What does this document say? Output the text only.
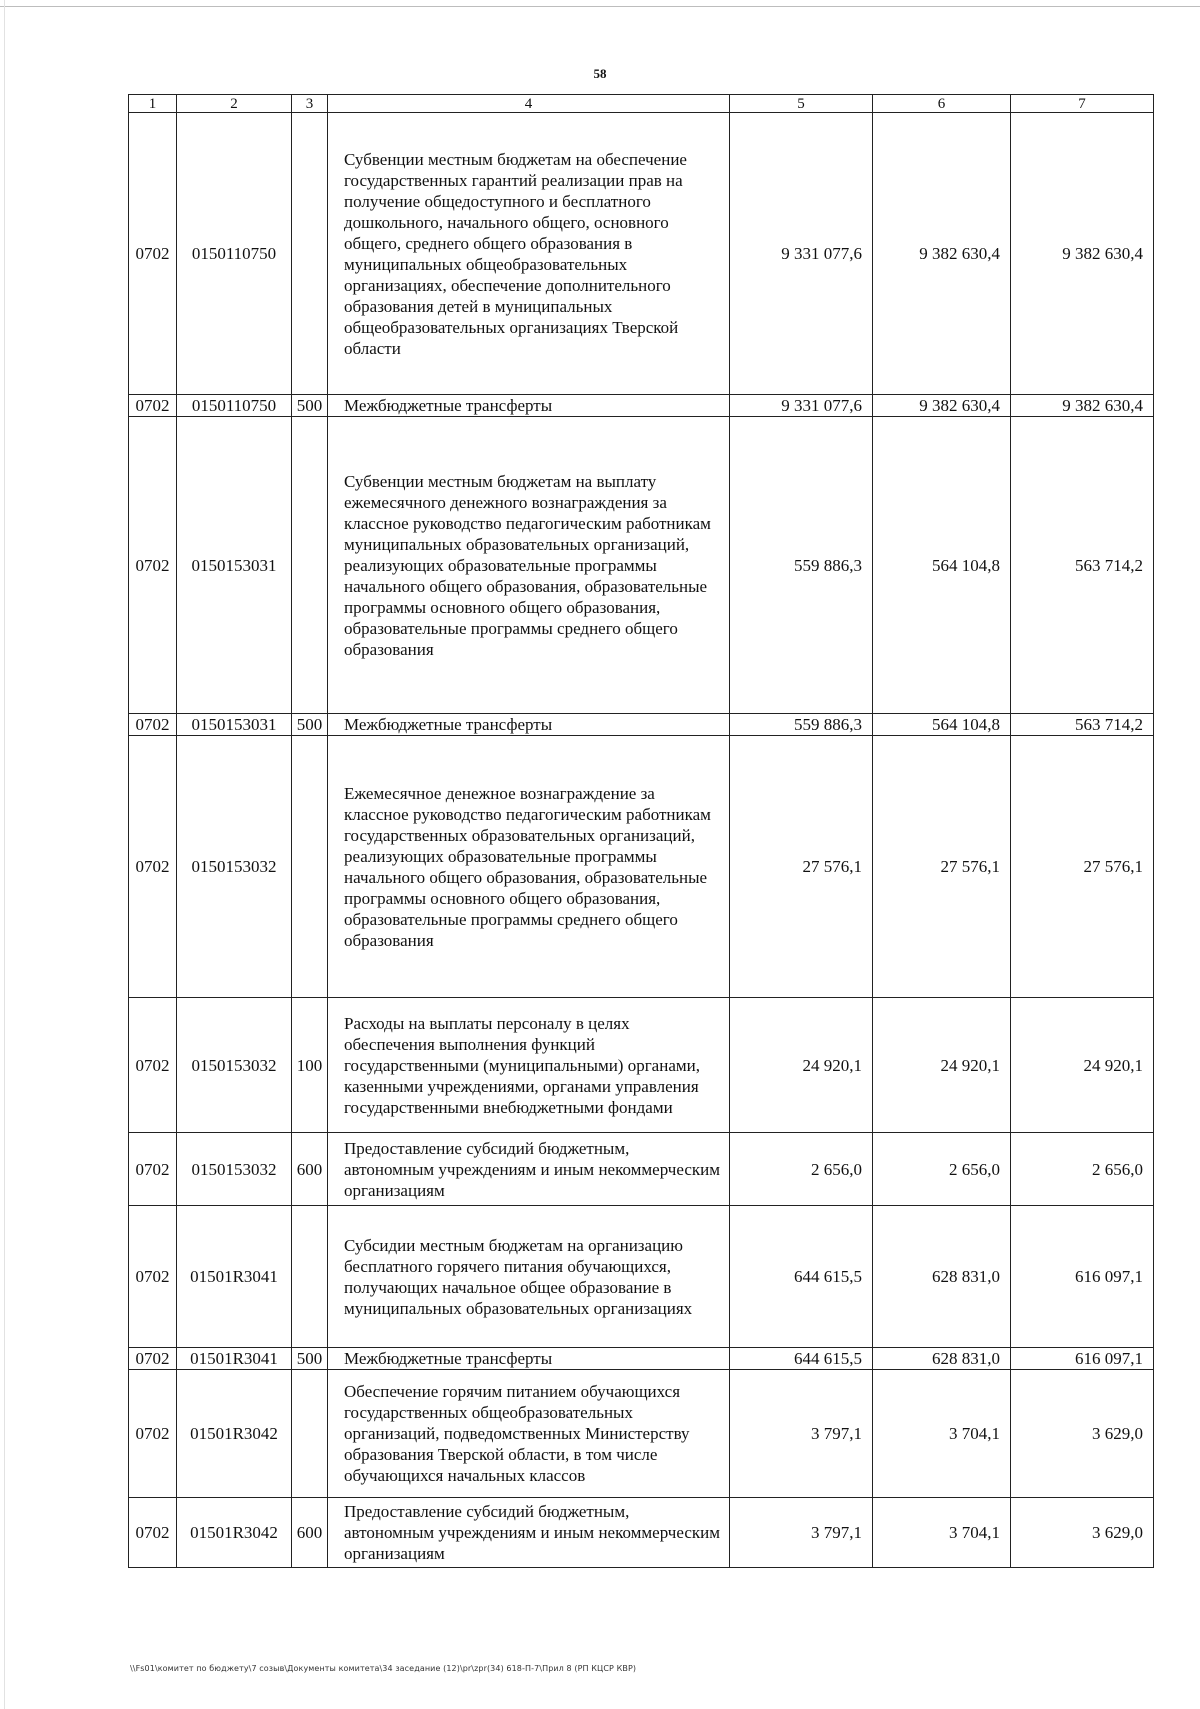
58
1	2	3	4	5	6	7
0702	0150110750		Субвенции местным бюджетам на обеспечение государственных гарантий реализации прав на получение общедоступного и бесплатного дошкольного, начального общего, основного общего, среднего общего образования в муниципальных общеобразовательных организациях, обеспечение дополнительного образования детей в муниципальных общеобразовательных организациях Тверской области	9 331 077,6	9 382 630,4	9 382 630,4
0702	0150110750	500	Межбюджетные трансферты	9 331 077,6	9 382 630,4	9 382 630,4
0702	0150153031		Субвенции местным бюджетам на выплату ежемесячного денежного вознаграждения за классное руководство педагогическим работникам муниципальных образовательных организаций, реализующих образовательные программы начального общего образования, образовательные программы основного общего образования, образовательные программы среднего общего образования	559 886,3	564 104,8	563 714,2
0702	0150153031	500	Межбюджетные трансферты	559 886,3	564 104,8	563 714,2
0702	0150153032		Ежемесячное денежное вознаграждение за классное руководство педагогическим работникам государственных образовательных организаций, реализующих образовательные программы начального общего образования, образовательные программы основного общего образования, образовательные программы среднего общего образования	27 576,1	27 576,1	27 576,1
0702	0150153032	100	Расходы на выплаты персоналу в целях обеспечения выполнения функций государственными (муниципальными) органами, казенными учреждениями, органами управления государственными внебюджетными фондами	24 920,1	24 920,1	24 920,1
0702	0150153032	600	Предоставление субсидий бюджетным, автономным учреждениям и иным некоммерческим организациям	2 656,0	2 656,0	2 656,0
0702	01501R3041		Субсидии местным бюджетам на организацию бесплатного горячего питания обучающихся, получающих начальное общее образование в муниципальных образовательных организациях	644 615,5	628 831,0	616 097,1
0702	01501R3041	500	Межбюджетные трансферты	644 615,5	628 831,0	616 097,1
0702	01501R3042		Обеспечение горячим питанием обучающихся государственных общеобразовательных организаций, подведомственных Министерству образования Тверской области, в том числе обучающихся начальных классов	3 797,1	3 704,1	3 629,0
0702	01501R3042	600	Предоставление субсидий бюджетным, автономным учреждениям и иным некоммерческим организациям	3 797,1	3 704,1	3 629,0
\\Fs01\комитет по бюджету\7 созыв\Документы комитета\34 заседание (12)\pr\zpr(34) 618-П-7\Прил 8 (РП КЦСР КВР)
